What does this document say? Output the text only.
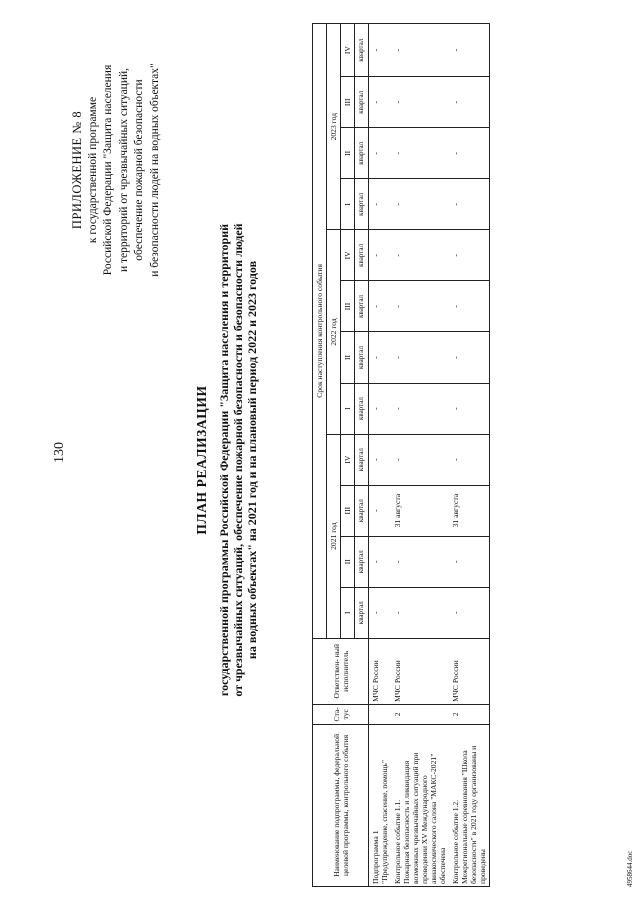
130
ПРИЛОЖЕНИЕ № 8 к государственной программе Российской Федерации "Защита населения и территорий от чрезвычайных ситуаций, обеспечение пожарной безопасности и безопасности людей на водных объектах"
ПЛАН РЕАЛИЗАЦИИ государственной программы Российской Федерации "Защита населения и территорий от чрезвычайных ситуаций, обеспечение пожарной безопасности и безопасности людей на водных объектах" на 2021 год и на плановый период 2022 и 2023 годов
Наименование подпрограммы, федеральной целевой программы, контрольного события	Ста- тус	Ответствен- ный исполнитель	Срок наступления контрольного события											
			2021 год				2022 год				2023 год			
			I	II	III	IV	I	II	III	IV	I	II	III	IV
			квартал	квартал	квартал	квартал	квартал	квартал	квартал	квартал	квартал	квартал	квартал	квартал

Подпрограмма 1 "Предупреждение, спасение, помощь"		МЧС России	-	-	-	-	-	-	-	-	-	-	-	-

Контрольное событие 1.1. Пожарная безопасность и ликвидация возможных чрезвычайных ситуаций при проведении XV Международного авиакосмического салона "МАКС-2021" обеспечена	2	МЧС России	-	-	31 августа	-	-	-	-	-	-	-	-	-

Контрольное событие 1.2. Межрегиональные соревнования "Школа безопасности" в 2021 году организованы и проведены	2	МЧС России	-	-	31 августа	-	-	-	-	-	-	-	-	-
4958644.doc
